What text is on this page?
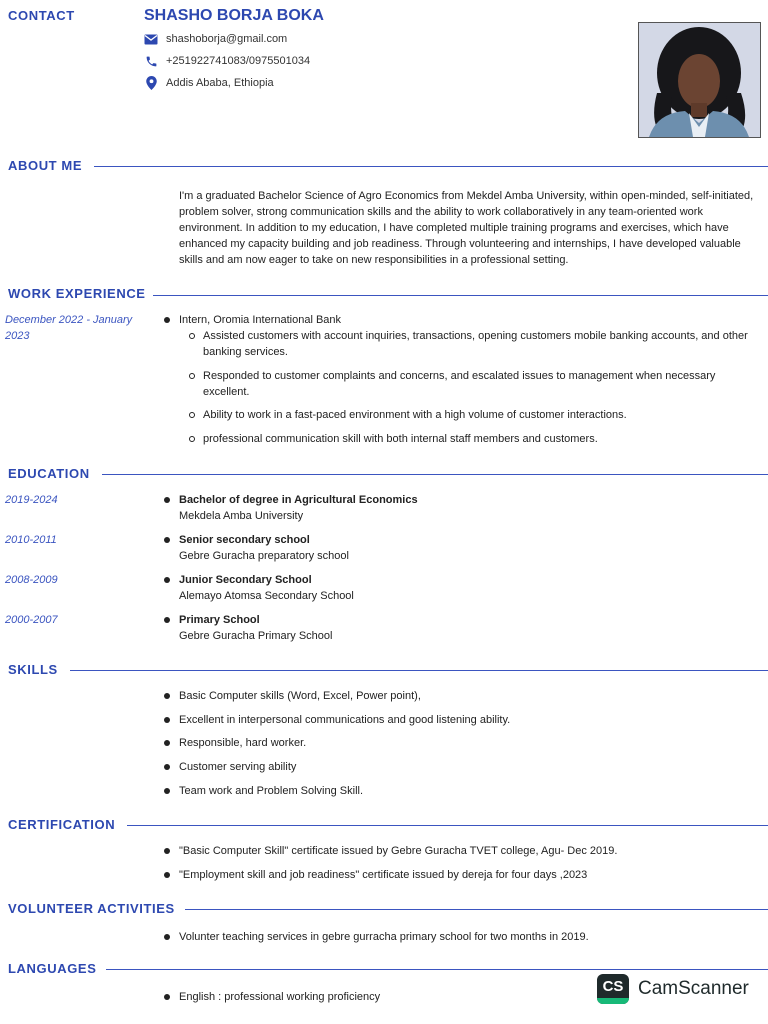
CONTACT	SHASHO BORJA BOKA
shashoborja@gmail.com
+251922741083/0975501034
Addis Ababa, Ethiopia
ABOUT ME
I'm a graduated Bachelor Science of Agro Economics from Mekdel Amba University, within open-minded, self-initiated, problem solver, strong communication skills and the ability to work collaboratively in any team-oriented work environment. In addition to my education, I have completed multiple training programs and exercises, which have enhanced my capacity building and job readiness. Through volunteering and internships, I have developed valuable skills and am now eager to take on new responsibilities in a professional setting.
WORK EXPERIENCE
December 2022 - January 2023
Intern, Oromia International Bank
Assisted customers with account inquiries, transactions, opening customers mobile banking accounts, and other banking services.
Responded to customer complaints and concerns, and escalated issues to management when necessary excellent.
Ability to work in a fast-paced environment with a high volume of customer interactions.
professional communication skill with both internal staff members and customers.
EDUCATION
2019-2024	Bachelor of degree in Agricultural Economics
Mekdela Amba University
2010-2011	Senior secondary school
Gebre Guracha preparatory school
2008-2009	Junior Secondary School
Alemayo Atomsa Secondary School
2000-2007	Primary School
Gebre Guracha Primary School
SKILLS
Basic Computer skills (Word, Excel, Power point),
Excellent in interpersonal communications and good listening ability.
Responsible, hard worker.
Customer serving ability
Team work and Problem Solving Skill.
CERTIFICATION
"Basic Computer Skill" certificate issued by Gebre Guracha TVET college, Agu- Dec 2019.
"Employment skill and job readiness" certificate issued by dereja for four days ,2023
VOLUNTEER ACTIVITIES
Volunter teaching services in gebre gurracha primary school for two months in 2019.
LANGUAGES
English : professional working proficiency
CS CamScanner
